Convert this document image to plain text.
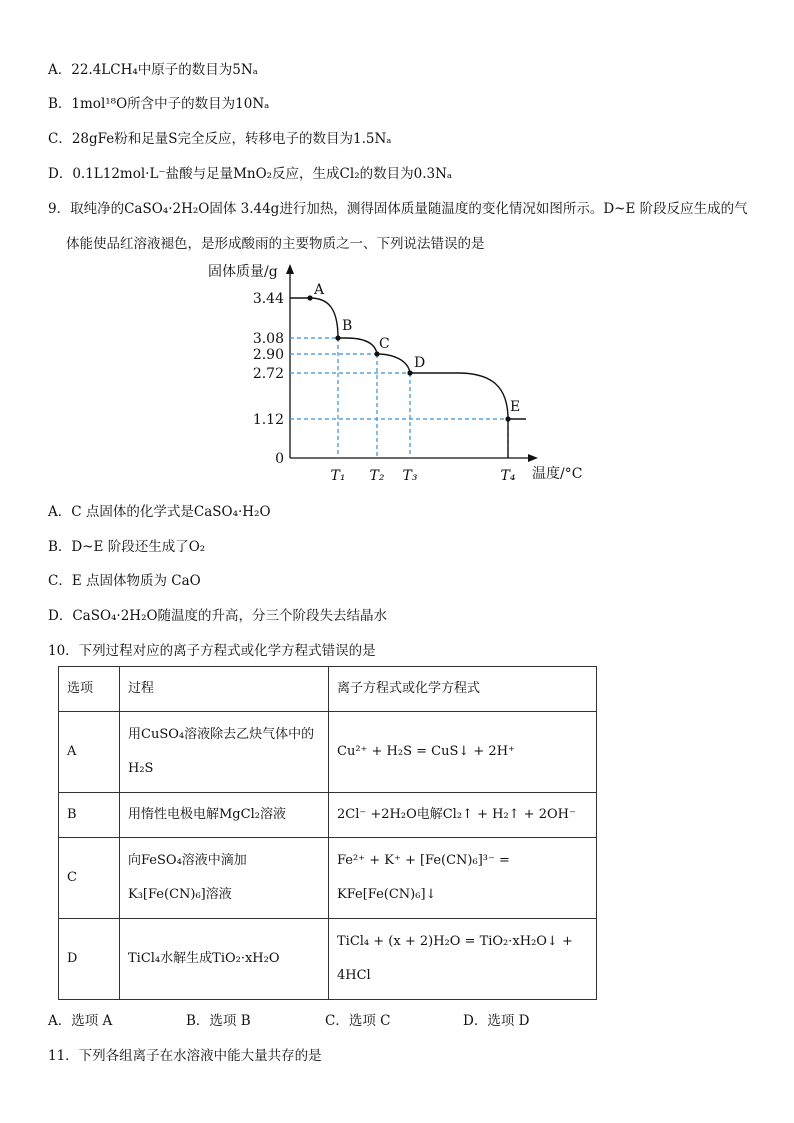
A．22.4LCH₄中原子的数目为5Nₐ
B．1mol¹⁸O所含中子的数目为10Nₐ
C．28gFe粉和足量S完全反应，转移电子的数目为1.5Nₐ
D．0.1L12mol·L⁻盐酸与足量MnO₂反应，生成Cl₂的数目为0.3Nₐ
9．取纯净的CaSO₄·2H₂O固体 3.44g进行加热，测得固体质量随温度的变化情况如图所示。D~E 阶段反应生成的气
体能使品红溶液褪色，是形成酸雨的主要物质之一、下列说法错误的是
固体质量/g
温度/°C
3.44
3.08
2.90
2.72
1.12
0
T₁ T₂ T₃	T₄
A
B
C
D
E
A．C 点固体的化学式是CaSO₄·H₂O
B．D~E 阶段还生成了O₂
C．E 点固体物质为 CaO
D．CaSO₄·2H₂O随温度的升高，分三个阶段失去结晶水
10．下列过程对应的离子方程式或化学方程式错误的是
选项	过程	离子方程式或化学方程式
A	用CuSO₄溶液除去乙炔气体中的H₂S	Cu²⁺ + H₂S = CuS↓ + 2H⁺

B	用惰性电极电解MgCl₂溶液	2Cl⁻ +2H₂O电解Cl₂↑ + H₂↑ + 2OH⁻

C	向FeSO₄溶液中滴加K₃[Fe(CN)₆]溶液	Fe²⁺ + K⁺ + [Fe(CN)₆]³⁻ = KFe[Fe(CN)₆]↓

D	TiCl₄水解生成TiO₂·xH₂O	TiCl₄ + (x + 2)H₂O = TiO₂·xH₂O↓ + 4HCl
A．选项 A	B．选项 B	C．选项 C	D．选项 D
11．下列各组离子在水溶液中能大量共存的是
